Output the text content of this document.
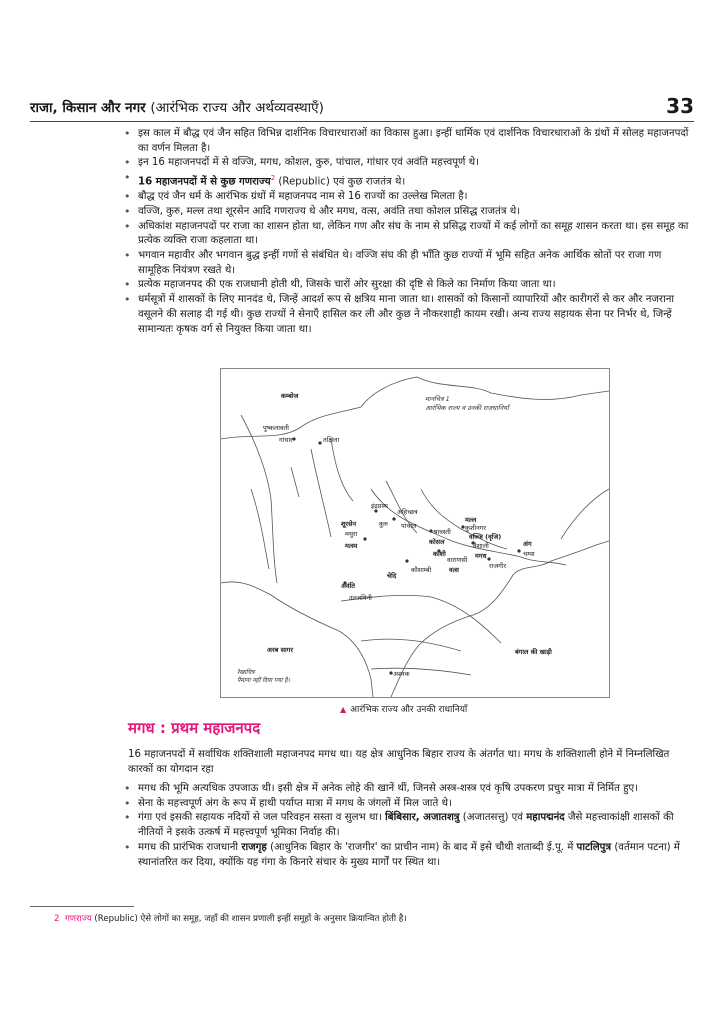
राजा, किसान और नगर (आरंभिक राज्य और अर्थव्यवस्थाएँ)	33
• इस काल में बौद्ध एवं जैन सहित विभिन्न दार्शनिक विचारधाराओं का विकास हुआ। इन्हीं धार्मिक एवं दार्शनिक विचारधाराओं के ग्रंथों में सोलह महाजनपदों का वर्णन मिलता है।
• इन 16 महाजनपदों में से वज्जि, मगध, कोशल, कुरु, पांचाल, गांधार एवं अवंति महत्त्वपूर्ण थे।
• 16 महाजनपदों में से कुछ गणराज्य$^2$ (Republic) एवं कुछ राजतंत्र थे।
• बौद्ध एवं जैन धर्म के आरंभिक ग्रंथों में महाजनपद नाम से 16 राज्यों का उल्लेख मिलता है।
• वज्जि, कुरु, मल्ल तथा शूरसेन आदि गणराज्य थे और मगध, वत्स, अवंति तथा कोशल प्रसिद्ध राजतंत्र थे।
• अधिकांश महाजनपदों पर राजा का शासन होता था, लेकिन गण और संघ के नाम से प्रसिद्ध राज्यों में कई लोगों का समूह शासन करता था। इस समूह का प्रत्येक व्यक्ति राजा कहलाता था।
• भगवान महावीर और भगवान बुद्ध इन्हीं गणों से संबंधित थे। वज्जि संघ की ही भाँति कुछ राज्यों में भूमि सहित अनेक आर्थिक स्रोतों पर राजा गण सामूहिक नियंत्रण रखते थे।
• प्रत्येक महाजनपद की एक राजधानी होती थी, जिसके चारों ओर सुरक्षा की दृष्टि से किले का निर्माण किया जाता था।
• धर्मसूत्रों में शासकों के लिए मानदंड थे, जिन्हें आदर्श रूप से क्षत्रिय माना जाता था। शासकों को किसानों व्यापारियों और कारीगरों से कर और नजराना वसूलने की सलाह दी गई थी। कुछ राज्यों ने सेनाएँ हासिल कर ली और कुछ ने नौकरशाही कायम रखी। अन्य राज्य सहायक सेना पर निर्भर थे, जिन्हें सामान्यतः कृषक वर्ग से नियुक्त किया जाता था।
कम्बोज
पुष्कलावती
गांधार	तक्षिला
इंद्रप्रस्थ
अहिच्छत्र
कुरु पांचाल
शूरसेन
मथुरा
मत्स्य
श्रावस्ती
कोसल
काशी
वाराणसी
मल्ल
कुशीनगर
वज्जि (वृजि)
वैशाली
मगध
राजगीर
अंग
चम्पा
कौशाम्बी	वत्स
चेदि
अवंति
उज्जयिनी
अरब सागर	बंगाल की खाड़ी
अश्मक
मानचित्र 1
आरंभिक राज्य व उनकी राजधानियाँ
रेखाचित्र
पैमाना नहीं दिया गया है।
▲ आरंभिक राज्य और उनकी राधानियाँ
मगध : प्रथम महाजनपद
16 महाजनपदों में सर्वाधिक शक्तिशाली महाजनपद मगध था। यह क्षेत्र आधुनिक बिहार राज्य के अंतर्गत था। मगध के शक्तिशाली होने में निम्नलिखित कारकों का योगदान रहा
• मगध की भूमि अत्यधिक उपजाऊ थी। इसी क्षेत्र में अनेक लोहे की खानें थीं, जिनसे अस्त्र-शस्त्र एवं कृषि उपकरण प्रचुर मात्रा में निर्मित हुए।
• सेना के महत्त्वपूर्ण अंग के रूप में हाथी पर्याप्त मात्रा में मगध के जंगलों में मिल जाते थे।
• गंगा एवं इसकी सहायक नदियों से जल परिवहन सस्ता व सुलभ था। बिंबिसार, अजातशत्रु (अजातसत्तु) एवं महापद्मनंद जैसे महत्त्वाकांक्षी शासकों की नीतियों ने इसके उत्कर्ष में महत्त्वपूर्ण भूमिका निर्वाह की।
• मगध की प्रारंभिक राजधानी राजगृह (आधुनिक बिहार के 'राजगीर' का प्राचीन नाम) के बाद में इसे चौथी शताब्दी ई.पू. में पाटलिपुत्र (वर्तमान पटना) में स्थानांतरित कर दिया, क्योंकि यह गंगा के किनारे संचार के मुख्य मार्गों पर स्थित था।
2 गणराज्य (Republic) ऐसे लोगों का समूह, जहाँ की शासन प्रणाली इन्हीं समूहों के अनुसार क्रियान्वित होती है।
